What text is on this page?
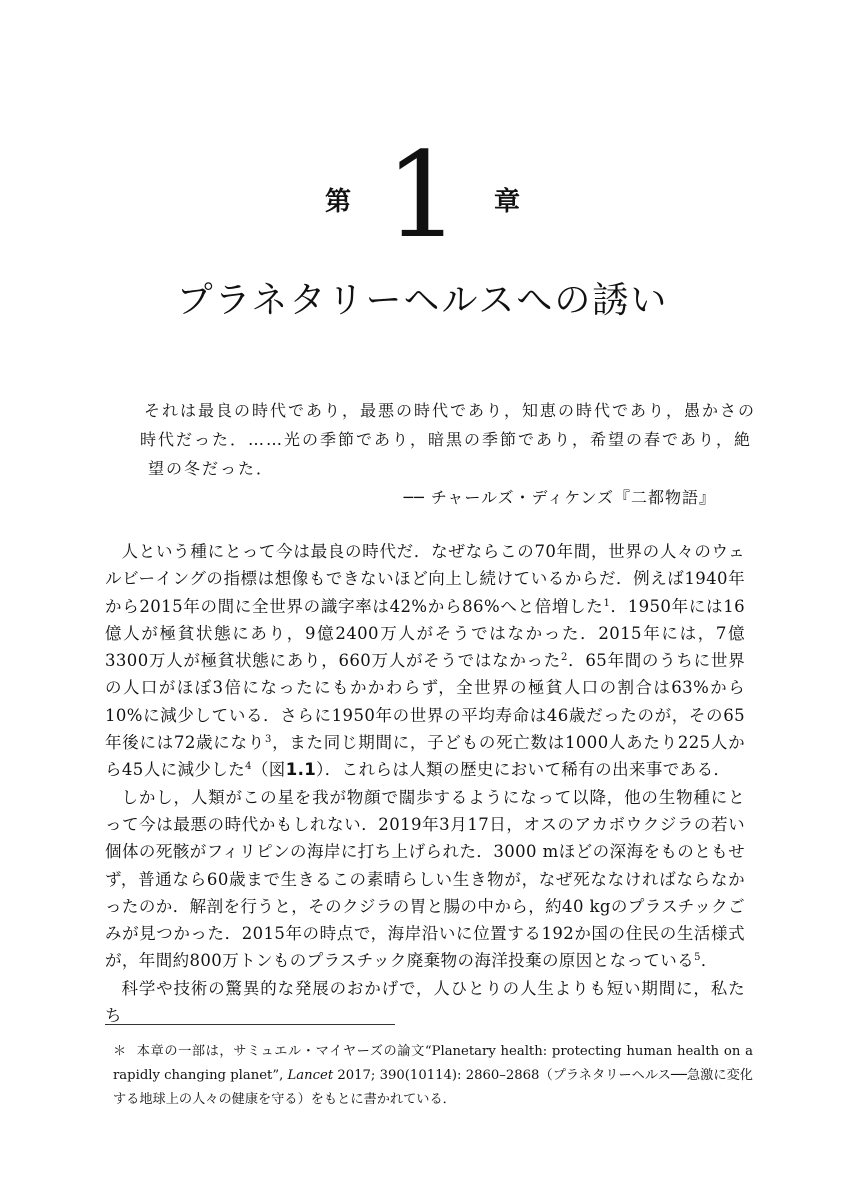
第 1 章
プラネタリーヘルスへの誘い
それは最良の時代であり，最悪の時代であり，知恵の時代であり，愚かさの
時代だった．……光の季節であり，暗黒の季節であり，希望の春であり，絶
望の冬だった．
── チャールズ・ディケンズ『二都物語』

人という種にとって今は最良の時代だ．なぜならこの70年間，世界の人々のウェルビーイングの指標は想像もできないほど向上し続けているからだ．例えば1940年から2015年の間に全世界の識字率は42%から86%へと倍増した$^1$．1950年には16億人が極貧状態にあり，9億2400万人がそうではなかった．2015年には，7億3300万人が極貧状態にあり，660万人がそうではなかった$^2$．65年間のうちに世界の人口がほぼ3倍になったにもかかわらず，全世界の極貧人口の割合は63%から10%に減少している．さらに1950年の世界の平均寿命は46歳だったのが，その65年後には72歳になり$^3$，また同じ期間に，子どもの死亡数は1000人あたり225人から45人に減少した$^4$（図1.1）．これらは人類の歴史において稀有の出来事である．

しかし，人類がこの星を我が物顔で闊歩するようになって以降，他の生物種にとって今は最悪の時代かもしれない．2019年3月17日，オスのアカボウクジラの若い個体の死骸がフィリピンの海岸に打ち上げられた．3000 mほどの深海をものともせず，普通なら60歳まで生きるこの素晴らしい生き物が，なぜ死ななければならなかったのか．解剖を行うと，そのクジラの胃と腸の中から，約40 kgのプラスチックごみが見つかった．2015年の時点で，海岸沿いに位置する192か国の住民の生活様式が，年間約800万トンものプラスチック廃棄物の海洋投棄の原因となっている$^5$．

科学や技術の驚異的な発展のおかげで，人ひとりの人生よりも短い期間に，私たち

＊ 本章の一部は，サミュエル・マイヤーズの論文“Planetary health: protecting human health on a rapidly changing planet”, Lancet 2017; 390(10114): 2860–2868（プラネタリーヘルス──急激に変化する地球上の人々の健康を守る）をもとに書かれている．
